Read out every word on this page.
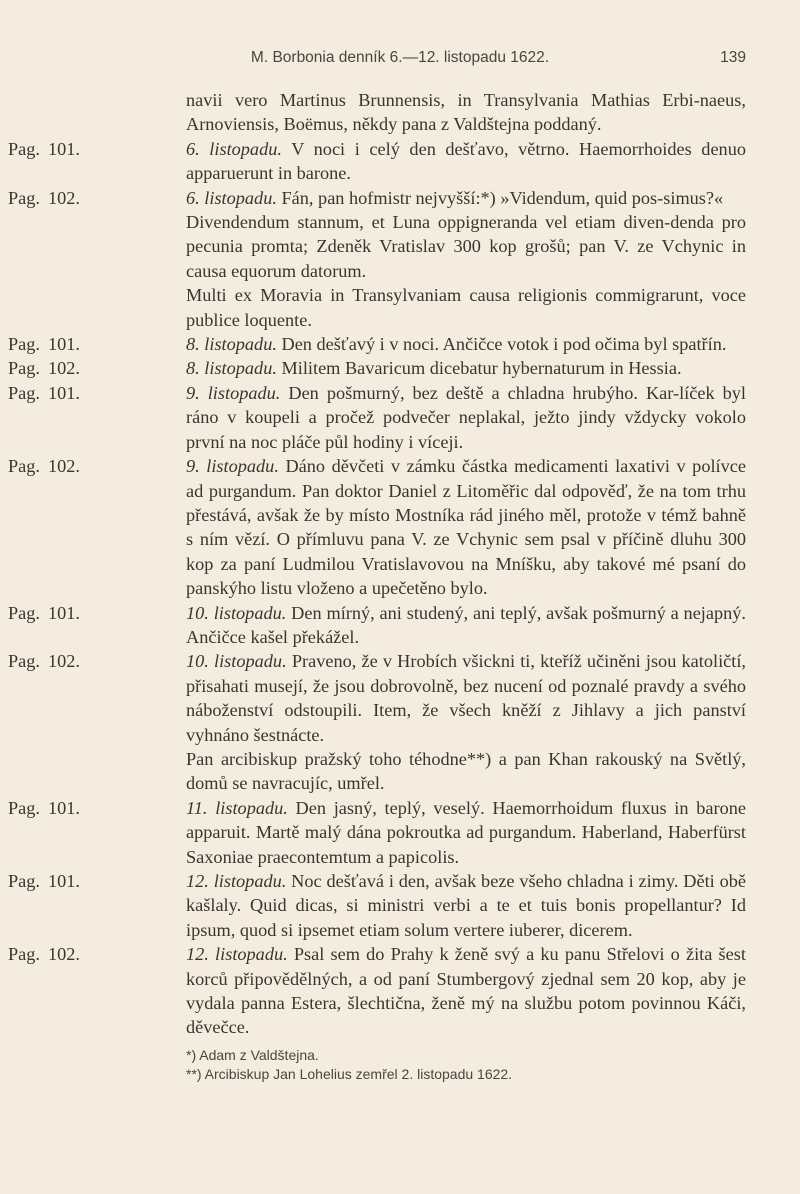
M. Borbonia denník 6.—12. listopadu 1622.	139
navii vero Martinus Brunnensis, in Transylvania Mathias Erbi-naeus, Arnoviensis, Boëmus, někdy pana z Valdštejna poddaný.
Pag. 101.	6. listopadu. V noci i celý den dešťavo, větrno. Haemorrhoides denuo apparuerunt in barone.
Pag. 102.	6. listopadu. Fán, pan hofmistr nejvyšší:*) »Videndum, quid pos-simus?«
Divendendum stannum, et Luna oppigneranda vel etiam diven-denda pro pecunia promta; Zdeněk Vratislav 300 kop grošů; pan V. ze Vchynic in causa equorum datorum.
Multi ex Moravia in Transylvaniam causa religionis commigrarunt, voce publice loquente.
Pag. 101.	8. listopadu. Den dešťavý i v noci. Ančičce votok i pod očima byl spatřín.
Pag. 102.	8. listopadu. Militem Bavaricum dicebatur hybernaturum in Hessia.
Pag. 101.	9. listopadu. Den pošmurný, bez deště a chladna hrubýho. Kar-líček byl ráno v koupeli a pročež podvečer neplakal, ježto jindy vždycky vokolo první na noc pláče půl hodiny i víceji.
Pag. 102.	9. listopadu. Dáno děvčeti v zámku částka medicamenti laxativi v polívce ad purgandum. Pan doktor Daniel z Litoměřic dal odpověď, že na tom trhu přestává, avšak že by místo Mostníka rád jiného měl, protože v témž bahně s ním vězí. O přímluvu pana V. ze Vchynic sem psal v příčině dluhu 300 kop za paní Ludmilou Vratislavovou na Mníšku, aby takové mé psaní do panskýho listu vloženo a upečetěno bylo.
Pag. 101.	10. listopadu. Den mírný, ani studený, ani teplý, avšak pošmurný a nejapný. Ančičce kašel překážel.
Pag. 102.	10. listopadu. Praveno, že v Hrobích všickni ti, kteříž učiněni jsou katoličtí, přisahati musejí, že jsou dobrovolně, bez nucení od poznalé pravdy a svého náboženství odstoupili. Item, že všech kněží z Jihlavy a jich panství vyhnáno šestnácte.
Pan arcibiskup pražský toho téhodne**) a pan Khan rakouský na Světlý, domů se navracujíc, umřel.
Pag. 101.	11. listopadu. Den jasný, teplý, veselý. Haemorrhoidum fluxus in barone apparuit. Martě malý dána pokroutka ad purgandum. Haberland, Haberfürst Saxoniae praecontemtum a papicolis.
Pag. 101.	12. listopadu. Noc dešťavá i den, avšak beze všeho chladna i zimy. Děti obě kašlaly. Quid dicas, si ministri verbi a te et tuis bonis propellantur? Id ipsum, quod si ipsemet etiam solum vertere iuberer, dicerem.
Pag. 102.	12. listopadu. Psal sem do Prahy k ženě svý a ku panu Střelovi o žita šest korců připovědělných, a od paní Stumbergový zjednal sem 20 kop, aby je vydala panna Estera, šlechtična, ženě mý na službu potom povinnou Káči, děvečce.
*) Adam z Valdštejna.
**) Arcibiskup Jan Lohelius zemřel 2. listopadu 1622.
